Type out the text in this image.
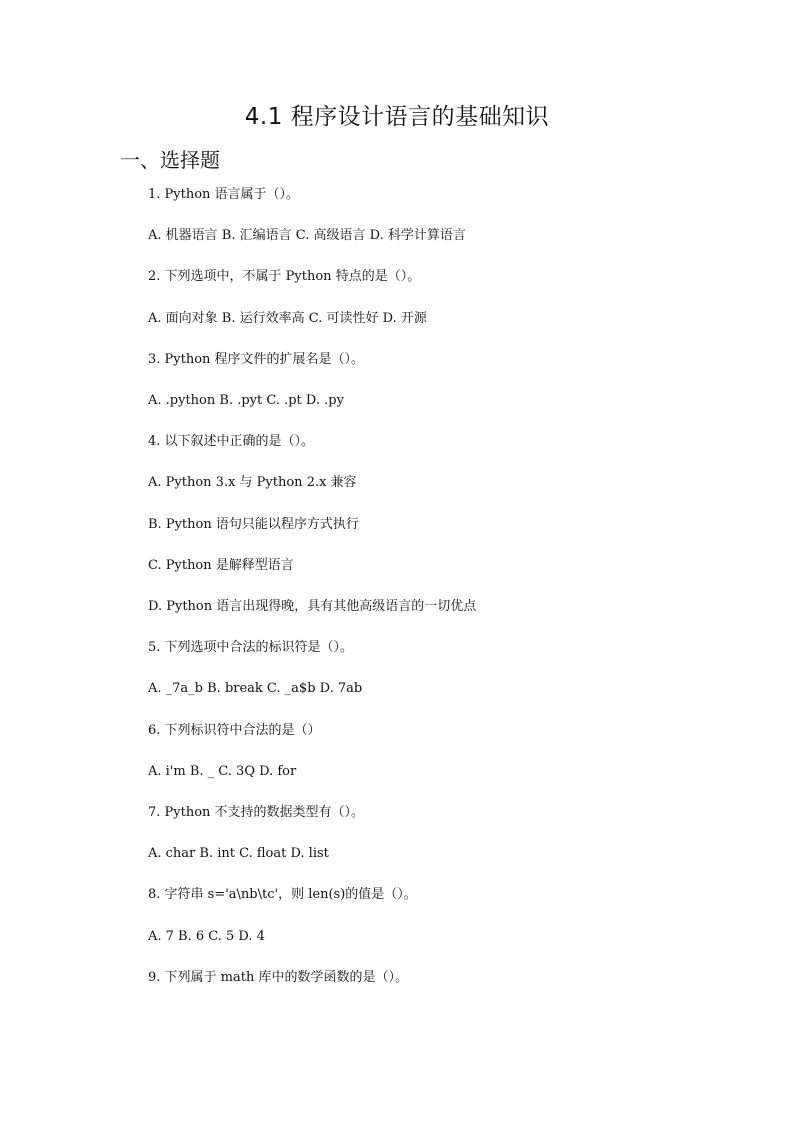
4.1 程序设计语言的基础知识
一、选择题

1. Python 语言属于（）。

A. 机器语言 B. 汇编语言 C. 高级语言 D. 科学计算语言

2. 下列选项中，不属于 Python 特点的是（）。

A. 面向对象 B. 运行效率高 C. 可读性好 D. 开源

3. Python 程序文件的扩展名是（）。

A. .python B. .pyt C. .pt D. .py

4. 以下叙述中正确的是（）。

A. Python 3.x 与 Python 2.x 兼容

B. Python 语句只能以程序方式执行

C. Python 是解释型语言

D. Python 语言出现得晚，具有其他高级语言的一切优点

5. 下列选项中合法的标识符是（）。

A. _7a_b B. break C. _a$b D. 7ab

6. 下列标识符中合法的是（）

A. i'm B. _ C. 3Q D. for

7. Python 不支持的数据类型有（）。

A. char B. int C. float D. list

8. 字符串 s='a\nb\tc'，则 len(s)的值是（）。

A. 7 B. 6 C. 5 D. 4

9. 下列属于 math 库中的数学函数的是（）。
